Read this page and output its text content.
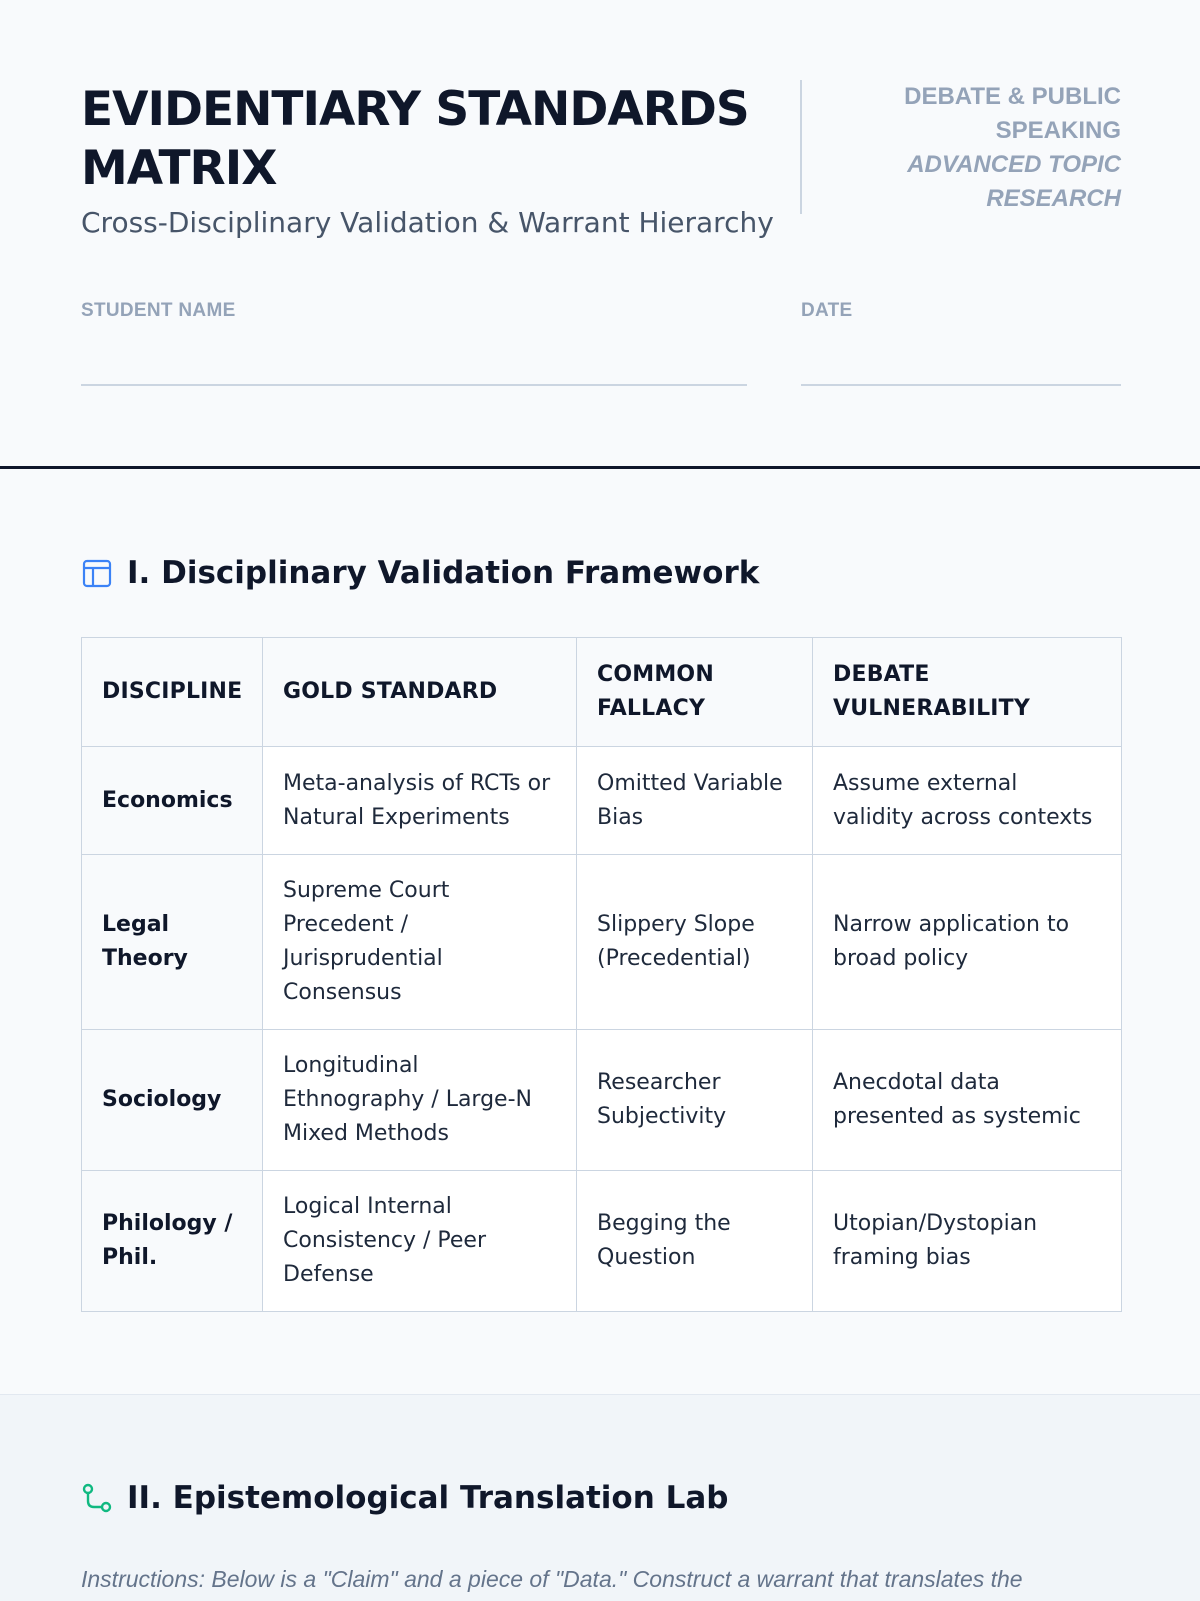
EVIDENTIARY STANDARDS MATRIX
Cross-Disciplinary Validation & Warrant Hierarchy
DEBATE & PUBLIC SPEAKING
ADVANCED TOPIC RESEARCH
STUDENT NAME	DATE
I. Disciplinary Validation Framework
DISCIPLINE	GOLD STANDARD	COMMON FALLACY	DEBATE VULNERABILITY
Economics	Meta-analysis of RCTs or Natural Experiments	Omitted Variable Bias	Assume external validity across contexts
Legal Theory	Supreme Court Precedent / Jurisprudential Consensus	Slippery Slope (Precedential)	Narrow application to broad policy
Sociology	Longitudinal Ethnography / Large-N Mixed Methods	Researcher Subjectivity	Anecdotal data presented as systemic
Philology / Phil.	Logical Internal Consistency / Peer Defense	Begging the Question	Utopian/Dystopian framing bias
II. Epistemological Translation Lab
Instructions: Below is a "Claim" and a piece of "Data." Construct a warrant that translates the
